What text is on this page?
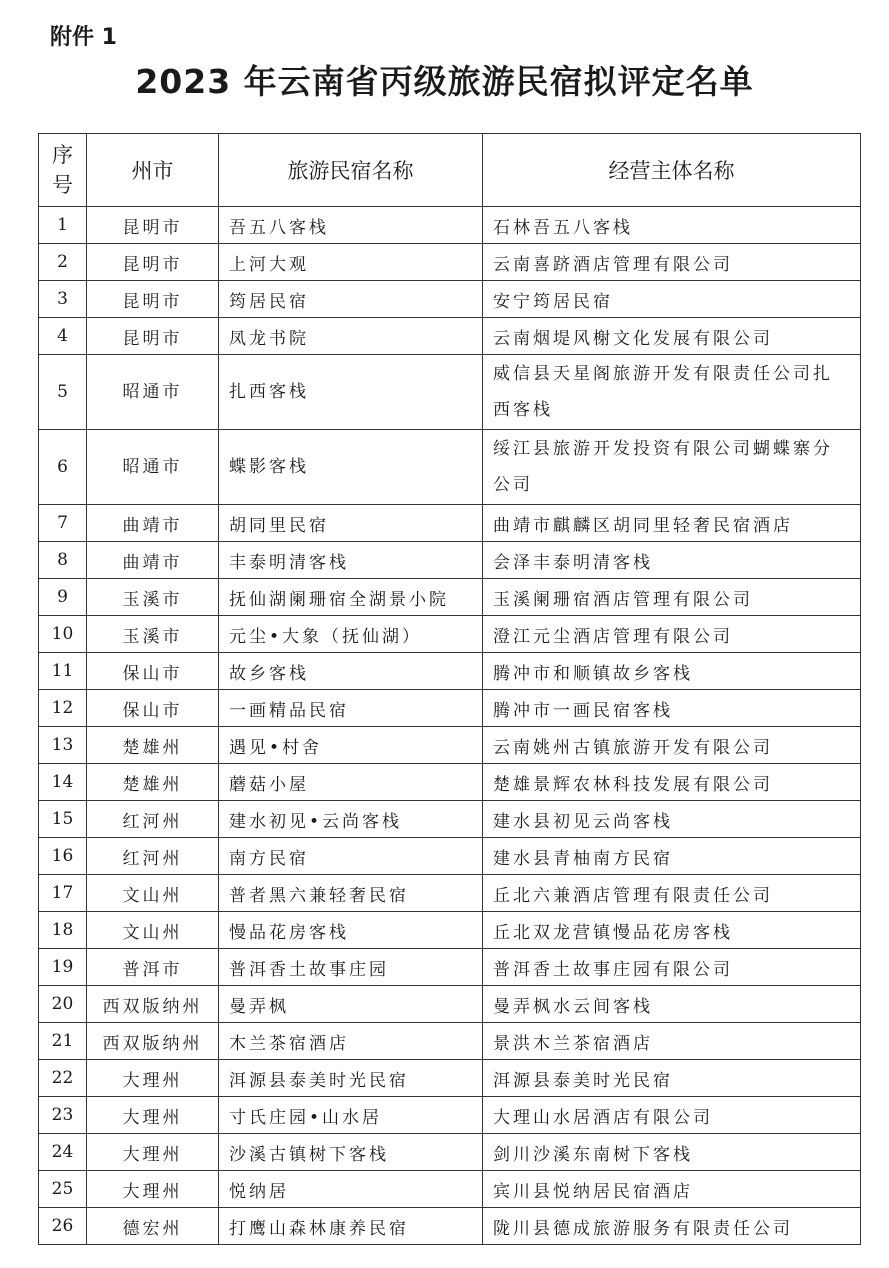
附件 1
2023 年云南省丙级旅游民宿拟评定名单
序
号	州市	旅游民宿名称	经营主体名称
1	昆明市	吾五八客栈	石林吾五八客栈
2	昆明市	上河大观	云南喜跻酒店管理有限公司
3	昆明市	筠居民宿	安宁筠居民宿
4	昆明市	凤龙书院	云南烟堤风榭文化发展有限公司
5	昭通市	扎西客栈	威信县天星阁旅游开发有限责任公司扎西客栈
6	昭通市	蝶影客栈	绥江县旅游开发投资有限公司蝴蝶寨分公司
7	曲靖市	胡同里民宿	曲靖市麒麟区胡同里轻奢民宿酒店
8	曲靖市	丰泰明清客栈	会泽丰泰明清客栈
9	玉溪市	抚仙湖阑珊宿全湖景小院	玉溪阑珊宿酒店管理有限公司
10	玉溪市	元尘•大象（抚仙湖）	澄江元尘酒店管理有限公司
11	保山市	故乡客栈	腾冲市和顺镇故乡客栈
12	保山市	一画精品民宿	腾冲市一画民宿客栈
13	楚雄州	遇见•村舍	云南姚州古镇旅游开发有限公司
14	楚雄州	蘑菇小屋	楚雄景辉农林科技发展有限公司
15	红河州	建水初见•云尚客栈	建水县初见云尚客栈
16	红河州	南方民宿	建水县青柚南方民宿
17	文山州	普者黑六兼轻奢民宿	丘北六兼酒店管理有限责任公司
18	文山州	慢品花房客栈	丘北双龙营镇慢品花房客栈
19	普洱市	普洱香土故事庄园	普洱香土故事庄园有限公司
20	西双版纳州	曼弄枫	曼弄枫水云间客栈
21	西双版纳州	木兰茶宿酒店	景洪木兰茶宿酒店
22	大理州	洱源县泰美时光民宿	洱源县泰美时光民宿
23	大理州	寸氏庄园•山水居	大理山水居酒店有限公司
24	大理州	沙溪古镇树下客栈	剑川沙溪东南树下客栈
25	大理州	悦纳居	宾川县悦纳居民宿酒店
26	德宏州	打鹰山森林康养民宿	陇川县德成旅游服务有限责任公司
